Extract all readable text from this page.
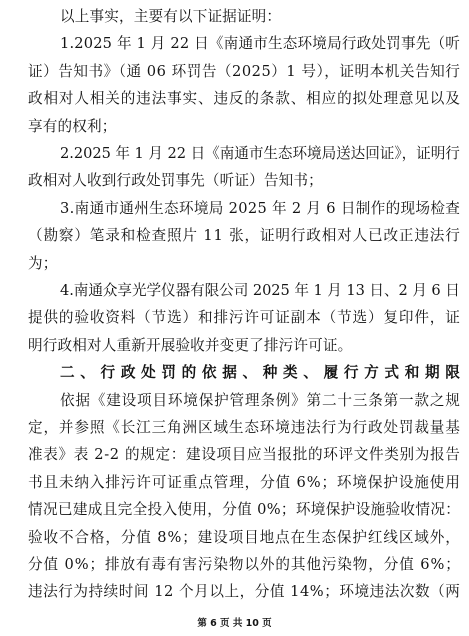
以上事实，主要有以下证据证明：
1.2025 年 1 月 22 日《南通市生态环境局行政处罚事先（听
证）告知书》（通 06 环罚告（2025）1 号），证明本机关告知行
政相对人相关的违法事实、违反的条款、相应的拟处理意见以及
享有的权利；
2.2025 年 1 月 22 日《南通市生态环境局送达回证》，证明行
政相对人收到行政处罚事先（听证）告知书；
3.南通市通州生态环境局 2025 年 2 月 6 日制作的现场检查
（勘察）笔录和检查照片 11 张，证明行政相对人已改正违法行
为；
4.南通众享光学仪器有限公司 2025 年 1 月 13 日、2 月 6 日
提供的验收资料（节选）和排污许可证副本（节选）复印件，证
明行政相对人重新开展验收并变更了排污许可证。
二、行政处罚的依据、种类、履行方式和期限
依据《建设项目环境保护管理条例》第二十三条第一款之规
定，并参照《长江三角洲区域生态环境违法行为行政处罚裁量基
准表》表 2-2 的规定：建设项目应当报批的环评文件类别为报告
书且未纳入排污许可证重点管理，分值 6%；环境保护设施使用
情况已建成且完全投入使用，分值 0%；环境保护设施验收情况：
验收不合格，分值 8%；建设项目地点在生态保护红线区域外，
分值 0%；排放有毒有害污染物以外的其他污染物，分值 6%；
违法行为持续时间 12 个月以上，分值 14%；环境违法次数（两
第 6 页 共 10 页
